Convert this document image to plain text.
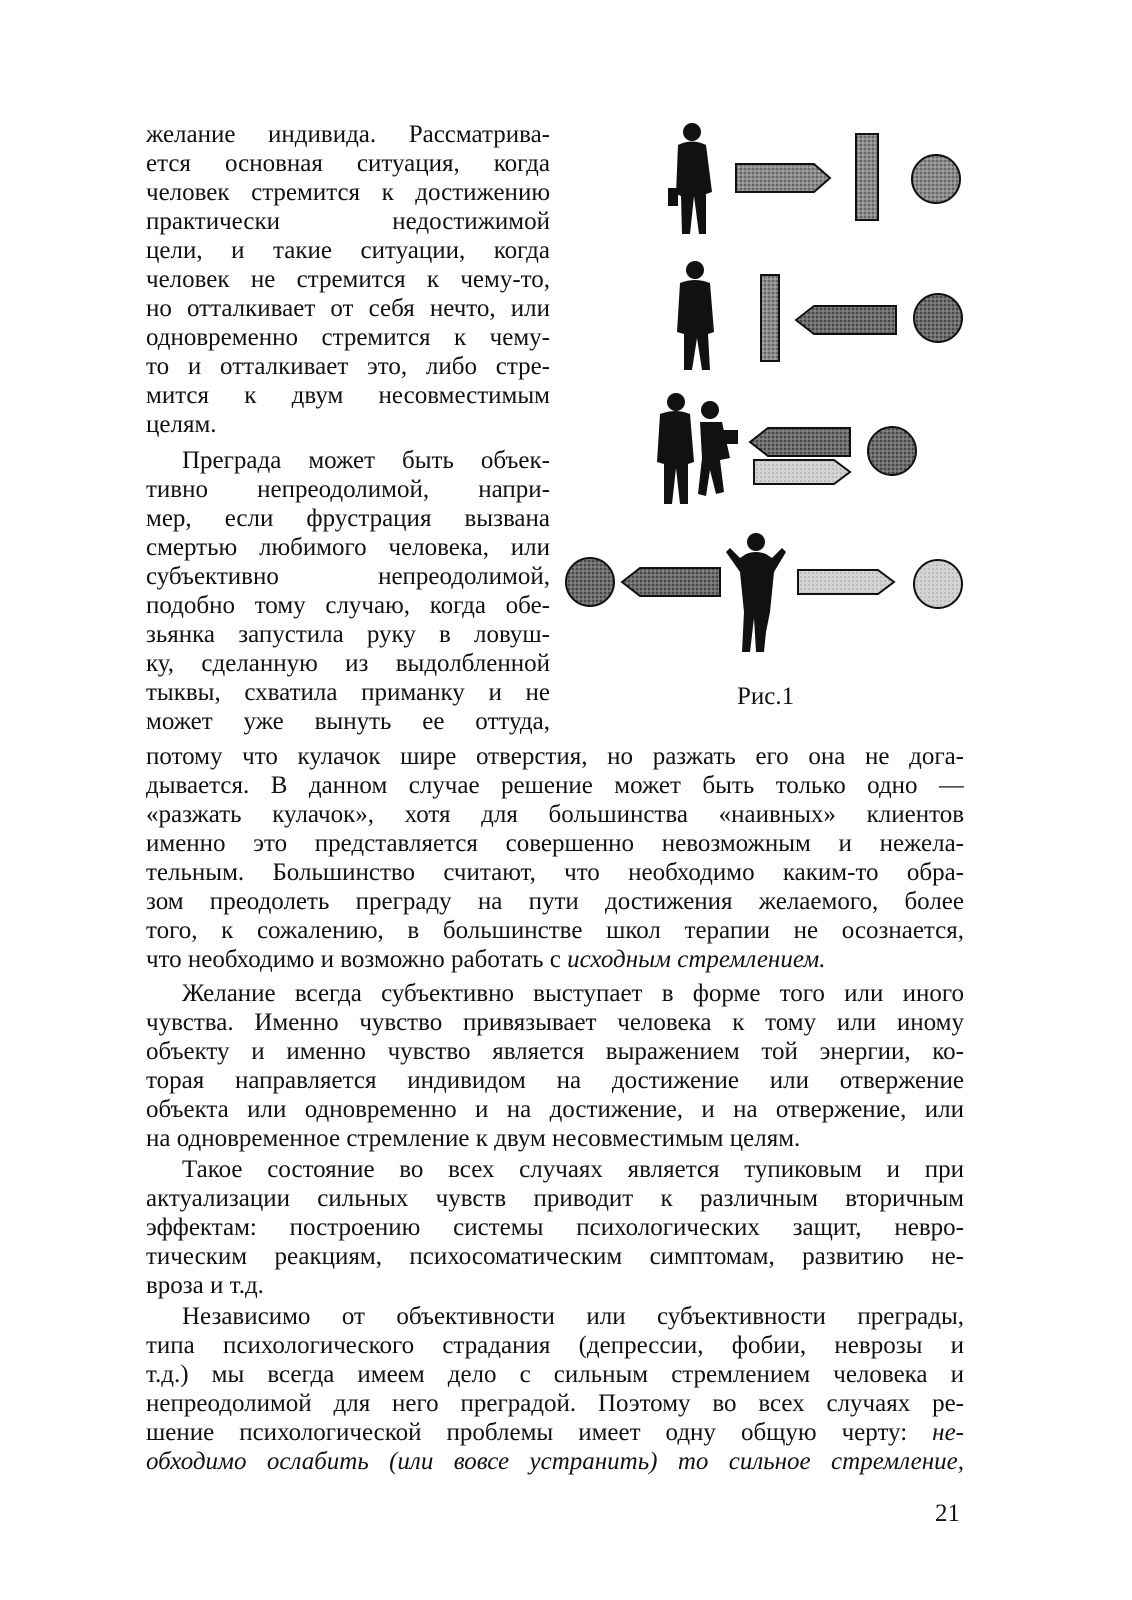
желание индивида. Рассматрива-
ется основная ситуация, когда
человек стремится к достижению
практически недостижимой
цели, и такие ситуации, когда
человек не стремится к чему-то,
но отталкивает от себя нечто, или
одновременно стремится к чему-
то и отталкивает это, либо стре-
мится к двум несовместимым
целям.
Преграда может быть объек-
тивно непреодолимой, напри-
мер, если фрустрация вызвана
смертью любимого человека, или
субъективно непреодолимой,
подобно тому случаю, когда обе-
зьянка запустила руку в ловуш-
ку, сделанную из выдолбленной
тыквы, схватила приманку и не
может уже вынуть ее оттуда,
Рис.1
потому что кулачок шире отверстия, но разжать его она не дога-
дывается. В данном случае решение может быть только одно —
«разжать кулачок», хотя для большинства «наивных» клиентов
именно это представляется совершенно невозможным и нежела-
тельным. Большинство считают, что необходимо каким-то обра-
зом преодолеть преграду на пути достижения желаемого, более
того, к сожалению, в большинстве школ терапии не осознается,
что необходимо и возможно работать с исходным стремлением.
Желание всегда субъективно выступает в форме того или иного
чувства. Именно чувство привязывает человека к тому или иному
объекту и именно чувство является выражением той энергии, ко-
торая направляется индивидом на достижение или отвержение
объекта или одновременно и на достижение, и на отвержение, или
на одновременное стремление к двум несовместимым целям.
Такое состояние во всех случаях является тупиковым и при
актуализации сильных чувств приводит к различным вторичным
эффектам: построению системы психологических защит, невро-
тическим реакциям, психосоматическим симптомам, развитию не-
вроза и т.д.
Независимо от объективности или субъективности преграды,
типа психологического страдания (депрессии, фобии, неврозы и
т.д.) мы всегда имеем дело с сильным стремлением человека и
непреодолимой для него преградой. Поэтому во всех случаях ре-
шение психологической проблемы имеет одну общую черту: не-
обходимо ослабить (или вовсе устранить) то сильное стремление,
21
